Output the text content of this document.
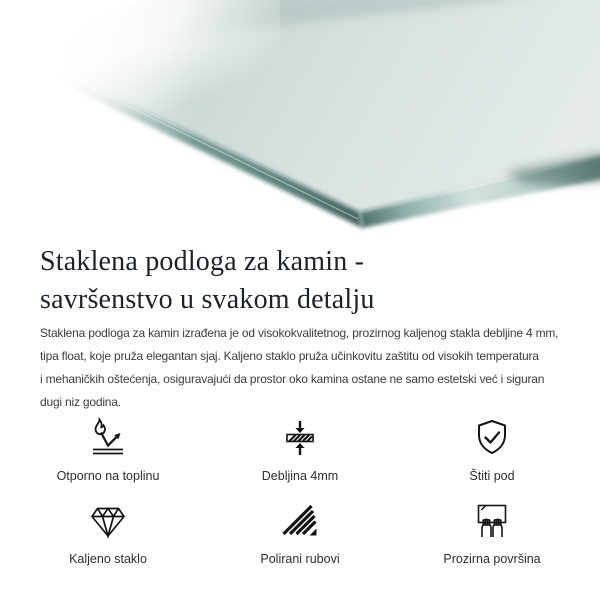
Staklena podloga za kamin -
savršenstvo u svakom detalju
Staklena podloga za kamin izrađena je od visokokvalitetnog, prozirnog kaljenog stakla debljine 4 mm,
tipa float, koje pruža elegantan sjaj. Kaljeno staklo pruža učinkovitu zaštitu od visokih temperatura
i mehaničkih oštećenja, osiguravajući da prostor oko kamina ostane ne samo estetski već i siguran
dugi niz godina.
Otporno na toplinu	Debljina 4mm	Štiti pod
Kaljeno staklo	Polirani rubovi	Prozirna površina
